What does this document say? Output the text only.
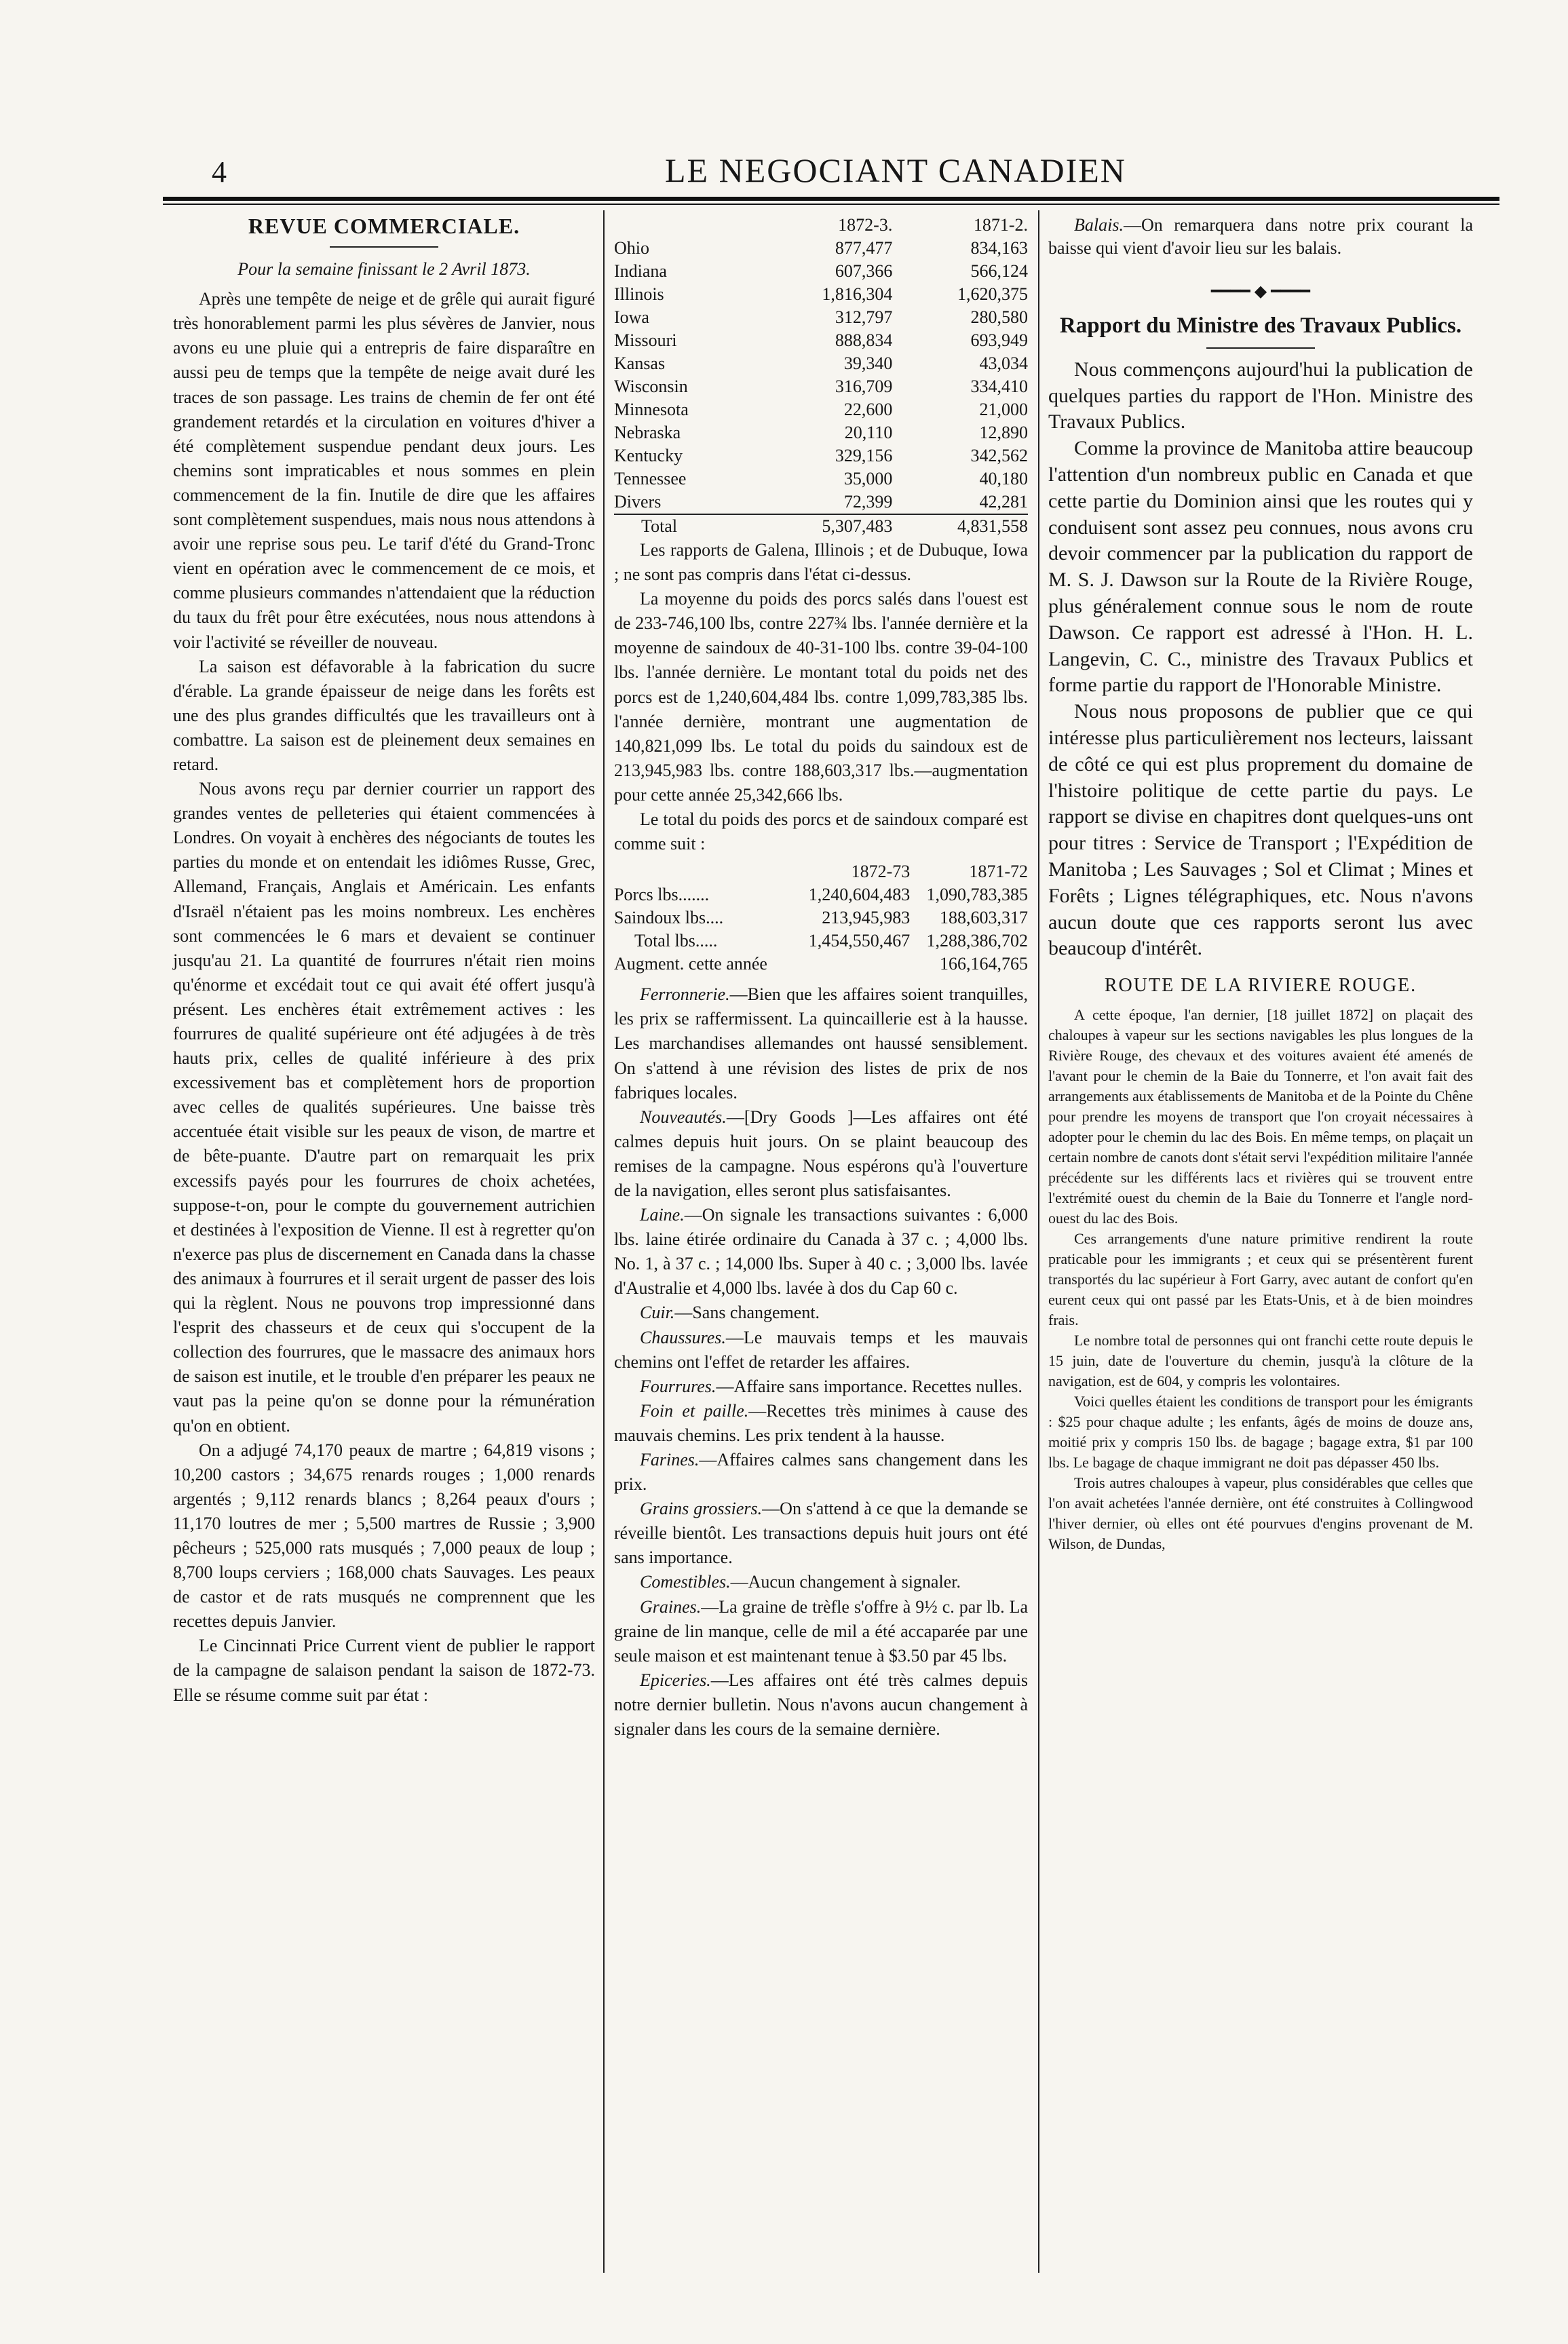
4	LE NEGOCIANT CANADIEN
REVUE COMMERCIALE.

Pour la semaine finissant le 2 Avril 1873.

Après une tempête de neige et de grêle qui aurait figuré très honorablement parmi les plus sévères de Janvier, nous avons eu une pluie qui a entrepris de faire disparaître en aussi peu de temps que la tempête de neige avait duré les traces de son passage. Les trains de chemin de fer ont été grandement retardés et la circulation en voitures d'hiver a été complètement suspendue pendant deux jours. Les chemins sont impraticables et nous sommes en plein commencement de la fin. Inutile de dire que les affaires sont complètement suspendues, mais nous nous attendons à avoir une reprise sous peu. Le tarif d'été du Grand-Tronc vient en opération avec le commencement de ce mois, et comme plusieurs commandes n'attendaient que la réduction du taux du frêt pour être exécutées, nous nous attendons à voir l'activité se réveiller de nouveau.

La saison est défavorable à la fabrication du sucre d'érable. La grande épaisseur de neige dans les forêts est une des plus grandes difficultés que les travailleurs ont à combattre. La saison est de pleinement deux semaines en retard.

Nous avons reçu par dernier courrier un rapport des grandes ventes de pelleteries qui étaient commencées à Londres. On voyait à enchères des négociants de toutes les parties du monde et on entendait les idiômes Russe, Grec, Allemand, Français, Anglais et Américain. Les enfants d'Israël n'étaient pas les moins nombreux. Les enchères sont commencées le 6 mars et devaient se continuer jusqu'au 21. La quantité de fourrures n'était rien moins qu'énorme et excédait tout ce qui avait été offert jusqu'à présent. Les enchères était extrêmement actives : les fourrures de qualité supérieure ont été adjugées à de très hauts prix, celles de qualité inférieure à des prix excessivement bas et complètement hors de proportion avec celles de qualités supérieures. Une baisse très accentuée était visible sur les peaux de vison, de martre et de bête-puante. D'autre part on remarquait les prix excessifs payés pour les fourrures de choix achetées, suppose-t-on, pour le compte du gouvernement autrichien et destinées à l'exposition de Vienne. Il est à regretter qu'on n'exerce pas plus de discernement en Canada dans la chasse des animaux à fourrures et il serait urgent de passer des lois qui la règlent. Nous ne pouvons trop impressionné dans l'esprit des chasseurs et de ceux qui s'occupent de la collection des fourrures, que le massacre des animaux hors de saison est inutile, et le trouble d'en préparer les peaux ne vaut pas la peine qu'on se donne pour la rémunération qu'on en obtient.

On a adjugé 74,170 peaux de martre ; 64,819 visons ; 10,200 castors ; 34,675 renards rouges ; 1,000 renards argentés ; 9,112 renards blancs ; 8,264 peaux d'ours ; 11,170 loutres de mer ; 5,500 martres de Russie ; 3,900 pêcheurs ; 525,000 rats musqués ; 7,000 peaux de loup ; 8,700 loups cerviers ; 168,000 chats Sauvages. Les peaux de castor et de rats musqués ne comprennent que les recettes depuis Janvier.

Le Cincinnati Price Current vient de publier le rapport de la campagne de salaison pendant la saison de 1872-73. Elle se résume comme suit par état :

	1872-3.	1871-2.
Ohio	877,477	834,163
Indiana	607,366	566,124
Illinois	1,816,304	1,620,375
Iowa	312,797	280,580
Missouri	888,834	693,949
Kansas	39,340	43,034
Wisconsin	316,709	334,410
Minnesota	22,600	21,000
Nebraska	20,110	12,890
Kentucky	329,156	342,562
Tennessee	35,000	40,180
Divers	72,399	42,281
Total	5,307,483	4,831,558

Les rapports de Galena, Illinois ; et de Dubuque, Iowa ; ne sont pas compris dans l'état ci-dessus.

La moyenne du poids des porcs salés dans l'ouest est de 233-746,100 lbs, contre 227¾ lbs. l'année dernière et la moyenne de saindoux de 40-31-100 lbs. contre 39-04-100 lbs. l'année dernière. Le montant total du poids net des porcs est de 1,240,604,484 lbs. contre 1,099,783,385 lbs. l'année dernière, montrant une augmentation de 140,821,099 lbs. Le total du poids du saindoux est de 213,945,983 lbs. contre 188,603,317 lbs.—augmentation pour cette année 25,342,666 lbs.

Le total du poids des porcs et de saindoux comparé est comme suit :

	1872-73	1871-72
Porcs lbs.......	1,240,604,483	1,090,783,385
Saindoux lbs....	213,945,983	188,603,317
Total lbs.....	1,454,550,467	1,288,386,702
Augment. cette année		166,164,765

Ferronnerie.—Bien que les affaires soient tranquilles, les prix se raffermissent. La quincaillerie est à la hausse. Les marchandises allemandes ont haussé sensiblement. On s'attend à une révision des listes de prix de nos fabriques locales.

Nouveautés.—[Dry Goods ]—Les affaires ont été calmes depuis huit jours. On se plaint beaucoup des remises de la campagne. Nous espérons qu'à l'ouverture de la navigation, elles seront plus satisfaisantes.

Laine.—On signale les transactions suivantes : 6,000 lbs. laine étirée ordinaire du Canada à 37 c. ; 4,000 lbs. No. 1, à 37 c. ; 14,000 lbs. Super à 40 c. ; 3,000 lbs. lavée d'Australie et 4,000 lbs. lavée à dos du Cap 60 c.

Cuir.—Sans changement.

Chaussures.—Le mauvais temps et les mauvais chemins ont l'effet de retarder les affaires.

Fourrures.—Affaire sans importance. Recettes nulles.

Foin et paille.—Recettes très minimes à cause des mauvais chemins. Les prix tendent à la hausse.

Farines.—Affaires calmes sans changement dans les prix.

Grains grossiers.—On s'attend à ce que la demande se réveille bientôt. Les transactions depuis huit jours ont été sans importance.

Comestibles.—Aucun changement à signaler.

Graines.—La graine de trèfle s'offre à 9½ c. par lb. La graine de lin manque, celle de mil a été accaparée par une seule maison et est maintenant tenue à $3.50 par 45 lbs.

Epiceries.—Les affaires ont été très calmes depuis notre dernier bulletin. Nous n'avons aucun changement à signaler dans les cours de la semaine dernière.

Balais.—On remarquera dans notre prix courant la baisse qui vient d'avoir lieu sur les balais.

━━━━ ◆ ━━━━
Rapport du Ministre des Travaux Publics.

Nous commençons aujourd'hui la publication de quelques parties du rapport de l'Hon. Ministre des Travaux Publics.

Comme la province de Manitoba attire beaucoup l'attention d'un nombreux public en Canada et que cette partie du Dominion ainsi que les routes qui y conduisent sont assez peu connues, nous avons cru devoir commencer par la publication du rapport de M. S. J. Dawson sur la Route de la Rivière Rouge, plus généralement connue sous le nom de route Dawson. Ce rapport est adressé à l'Hon. H. L. Langevin, C. C., ministre des Travaux Publics et forme partie du rapport de l'Honorable Ministre.

Nous nous proposons de publier que ce qui intéresse plus particulièrement nos lecteurs, laissant de côté ce qui est plus proprement du domaine de l'histoire politique de cette partie du pays. Le rapport se divise en chapitres dont quelques-uns ont pour titres : Service de Transport ; l'Expédition de Manitoba ; Les Sauvages ; Sol et Climat ; Mines et Forêts ; Lignes télégraphiques, etc. Nous n'avons aucun doute que ces rapports seront lus avec beaucoup d'intérêt.

ROUTE DE LA RIVIERE ROUGE.

A cette époque, l'an dernier, [18 juillet 1872] on plaçait des chaloupes à vapeur sur les sections navigables les plus longues de la Rivière Rouge, des chevaux et des voitures avaient été amenés de l'avant pour le chemin de la Baie du Tonnerre, et l'on avait fait des arrangements aux établissements de Manitoba et de la Pointe du Chêne pour prendre les moyens de transport que l'on croyait nécessaires à adopter pour le chemin du lac des Bois. En même temps, on plaçait un certain nombre de canots dont s'était servi l'expédition militaire l'année précédente sur les différents lacs et rivières qui se trouvent entre l'extrémité ouest du chemin de la Baie du Tonnerre et l'angle nord-ouest du lac des Bois.

Ces arrangements d'une nature primitive rendirent la route praticable pour les immigrants ; et ceux qui se présentèrent furent transportés du lac supérieur à Fort Garry, avec autant de confort qu'en eurent ceux qui ont passé par les Etats-Unis, et à de bien moindres frais.

Le nombre total de personnes qui ont franchi cette route depuis le 15 juin, date de l'ouverture du chemin, jusqu'à la clôture de la navigation, est de 604, y compris les volontaires.

Voici quelles étaient les conditions de transport pour les émigrants : $25 pour chaque adulte ; les enfants, âgés de moins de douze ans, moitié prix y compris 150 lbs. de bagage ; bagage extra, $1 par 100 lbs. Le bagage de chaque immigrant ne doit pas dépasser 450 lbs.

Trois autres chaloupes à vapeur, plus considérables que celles que l'on avait achetées l'année dernière, ont été construites à Collingwood l'hiver dernier, où elles ont été pourvues d'engins provenant de M. Wilson, de Dundas,
